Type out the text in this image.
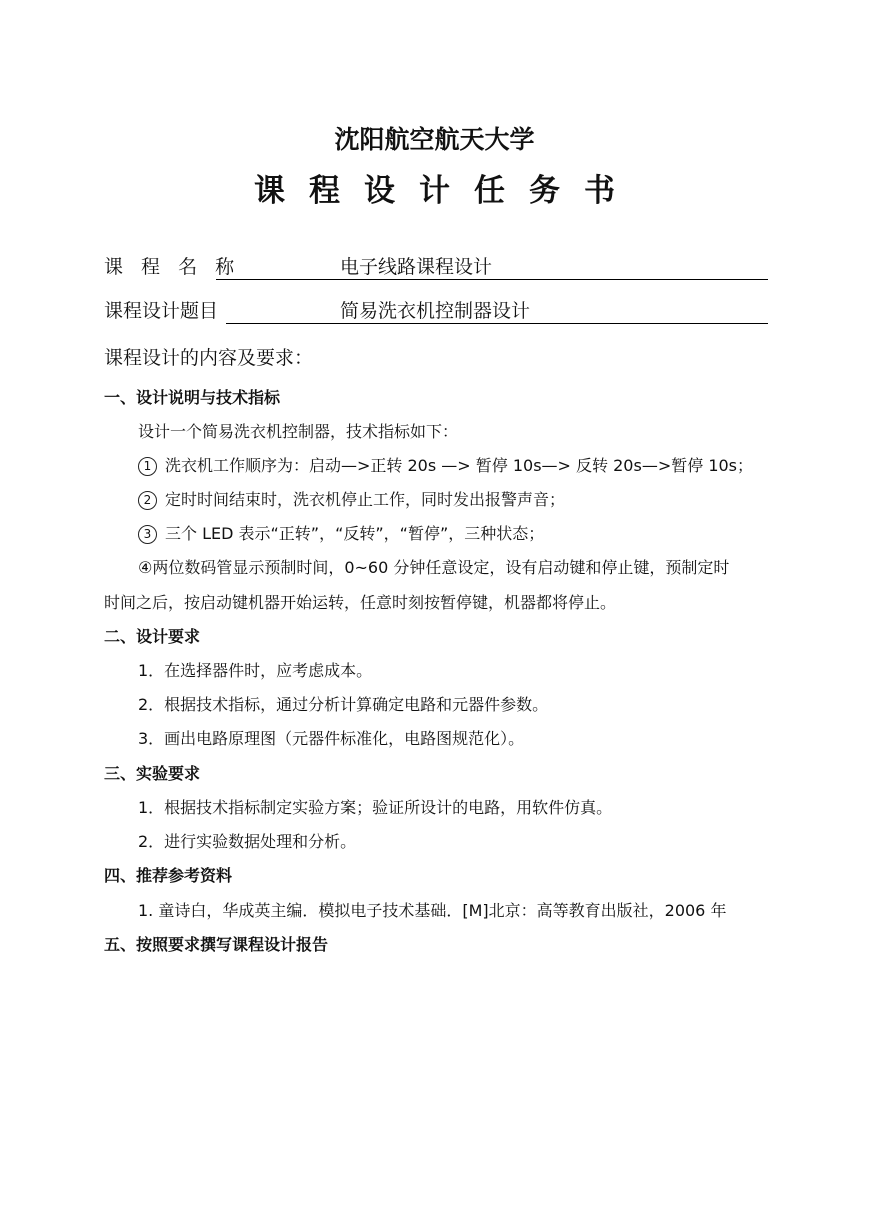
沈阳航空航天大学
课程设计任务书
课 程 名 称	电子线路课程设计
课程设计题目	简易洗衣机控制器设计
课程设计的内容及要求：
一、设计说明与技术指标
设计一个简易洗衣机控制器，技术指标如下：
1 洗衣机工作顺序为：启动—>正转 20s —> 暂停 10s—> 反转 20s—>暂停 10s；
2 定时时间结束时，洗衣机停止工作，同时发出报警声音；
3 三个 LED 表示“正转”，“反转”，“暂停”，三种状态；
④两位数码管显示预制时间，0~60 分钟任意设定，设有启动键和停止键，预制定时
时间之后，按启动键机器开始运转，任意时刻按暂停键，机器都将停止。
二、设计要求
1．在选择器件时，应考虑成本。
2．根据技术指标，通过分析计算确定电路和元器件参数。
3．画出电路原理图（元器件标准化，电路图规范化）。
三、实验要求
1．根据技术指标制定实验方案；验证所设计的电路，用软件仿真。
2．进行实验数据处理和分析。
四、推荐参考资料
1. 童诗白，华成英主编．模拟电子技术基础．[M]北京：高等教育出版社，2006 年
五、按照要求撰写课程设计报告
